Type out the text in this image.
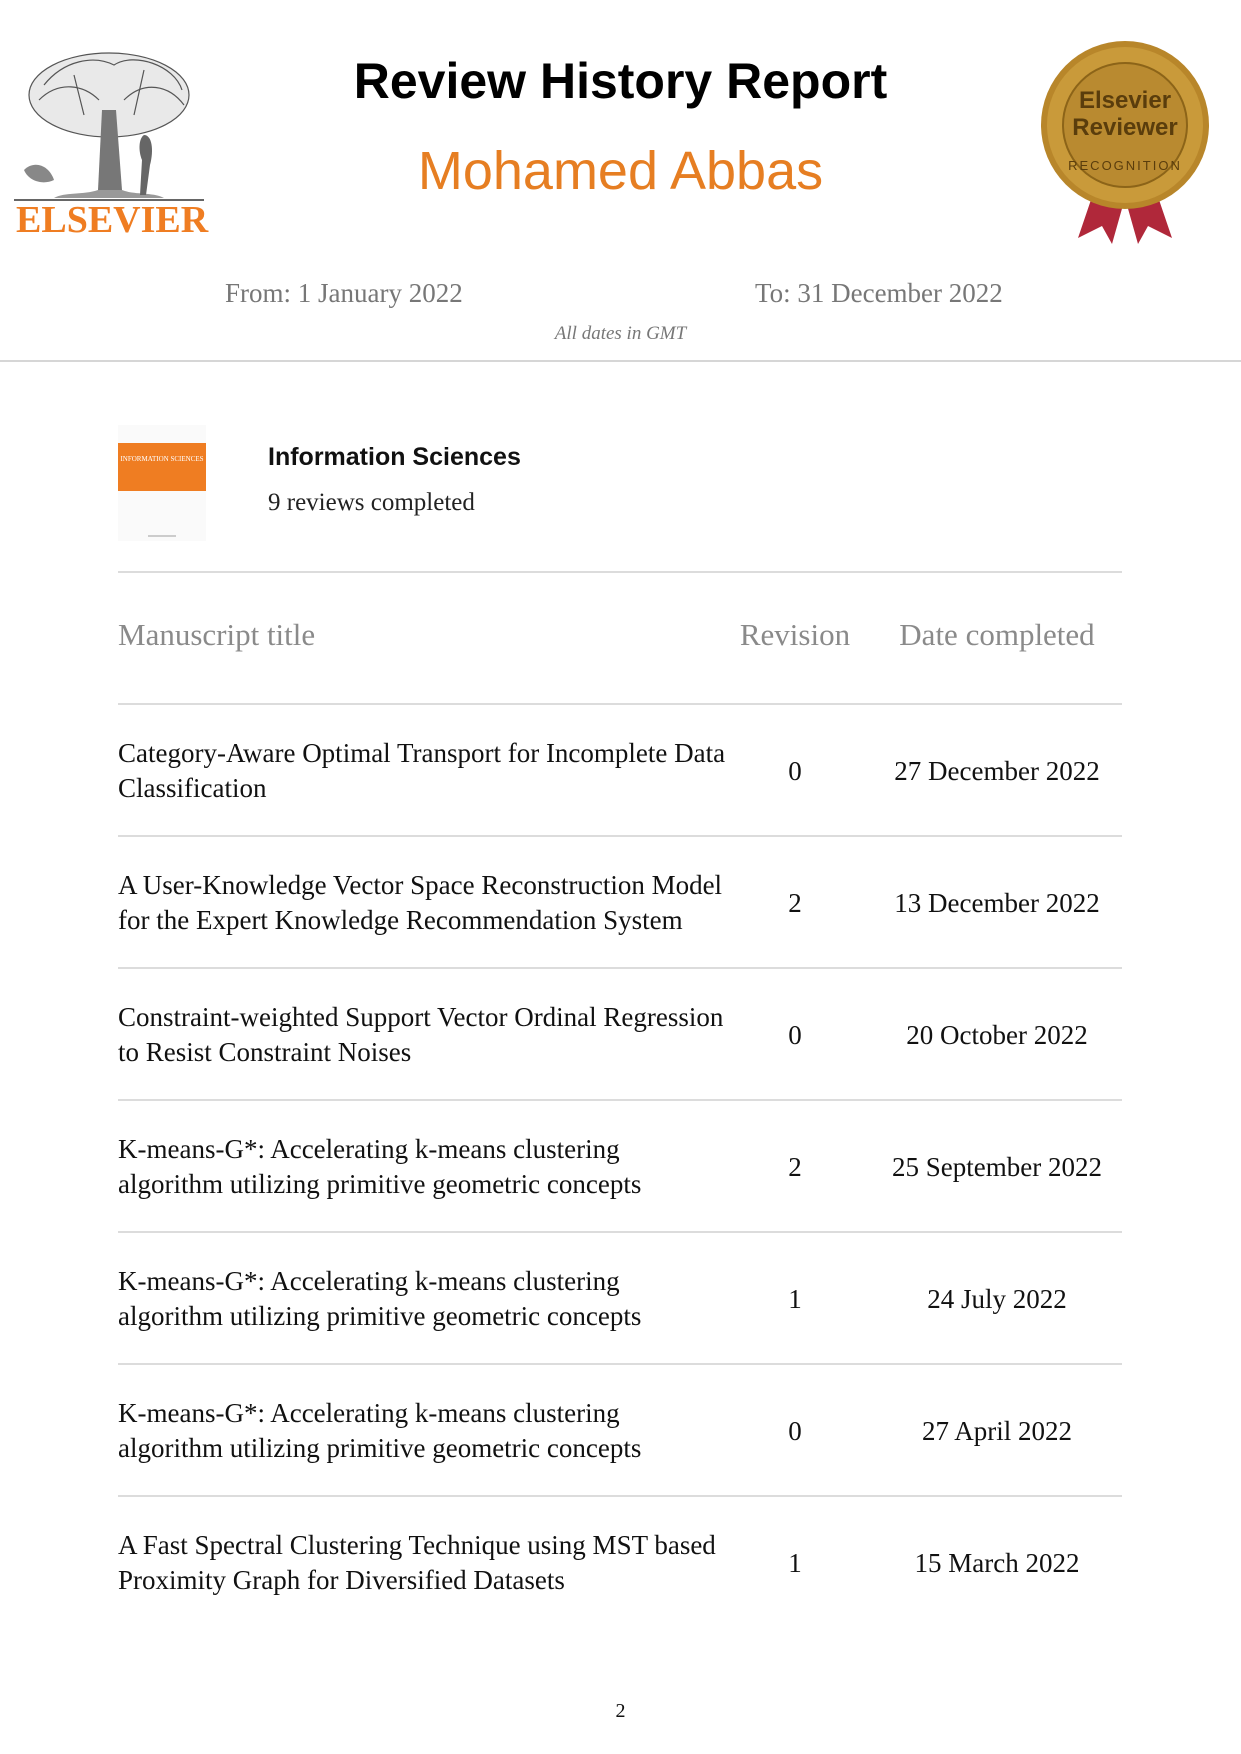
ELSEVIER
Review History Report
Mohamed Abbas
Elsevier
Reviewer
RECOGNITION
From: 1 January 2022	To: 31 December 2022
All dates in GMT
INFORMATION SCIENCES	Information Sciences
9 reviews completed
Manuscript title	Revision	Date completed
Category-Aware Optimal Transport for Incomplete Data Classification
0	27 December 2022
A User-Knowledge Vector Space Reconstruction Model for the Expert Knowledge Recommendation System
2	13 December 2022
Constraint-weighted Support Vector Ordinal Regression to Resist Constraint Noises
0	20 October 2022
K-means-G*: Accelerating k-means clustering algorithm utilizing primitive geometric concepts
2	25 September 2022
K-means-G*: Accelerating k-means clustering algorithm utilizing primitive geometric concepts
1	24 July 2022
K-means-G*: Accelerating k-means clustering algorithm utilizing primitive geometric concepts
0	27 April 2022
A Fast Spectral Clustering Technique using MST based Proximity Graph for Diversified Datasets
1	15 March 2022
2
